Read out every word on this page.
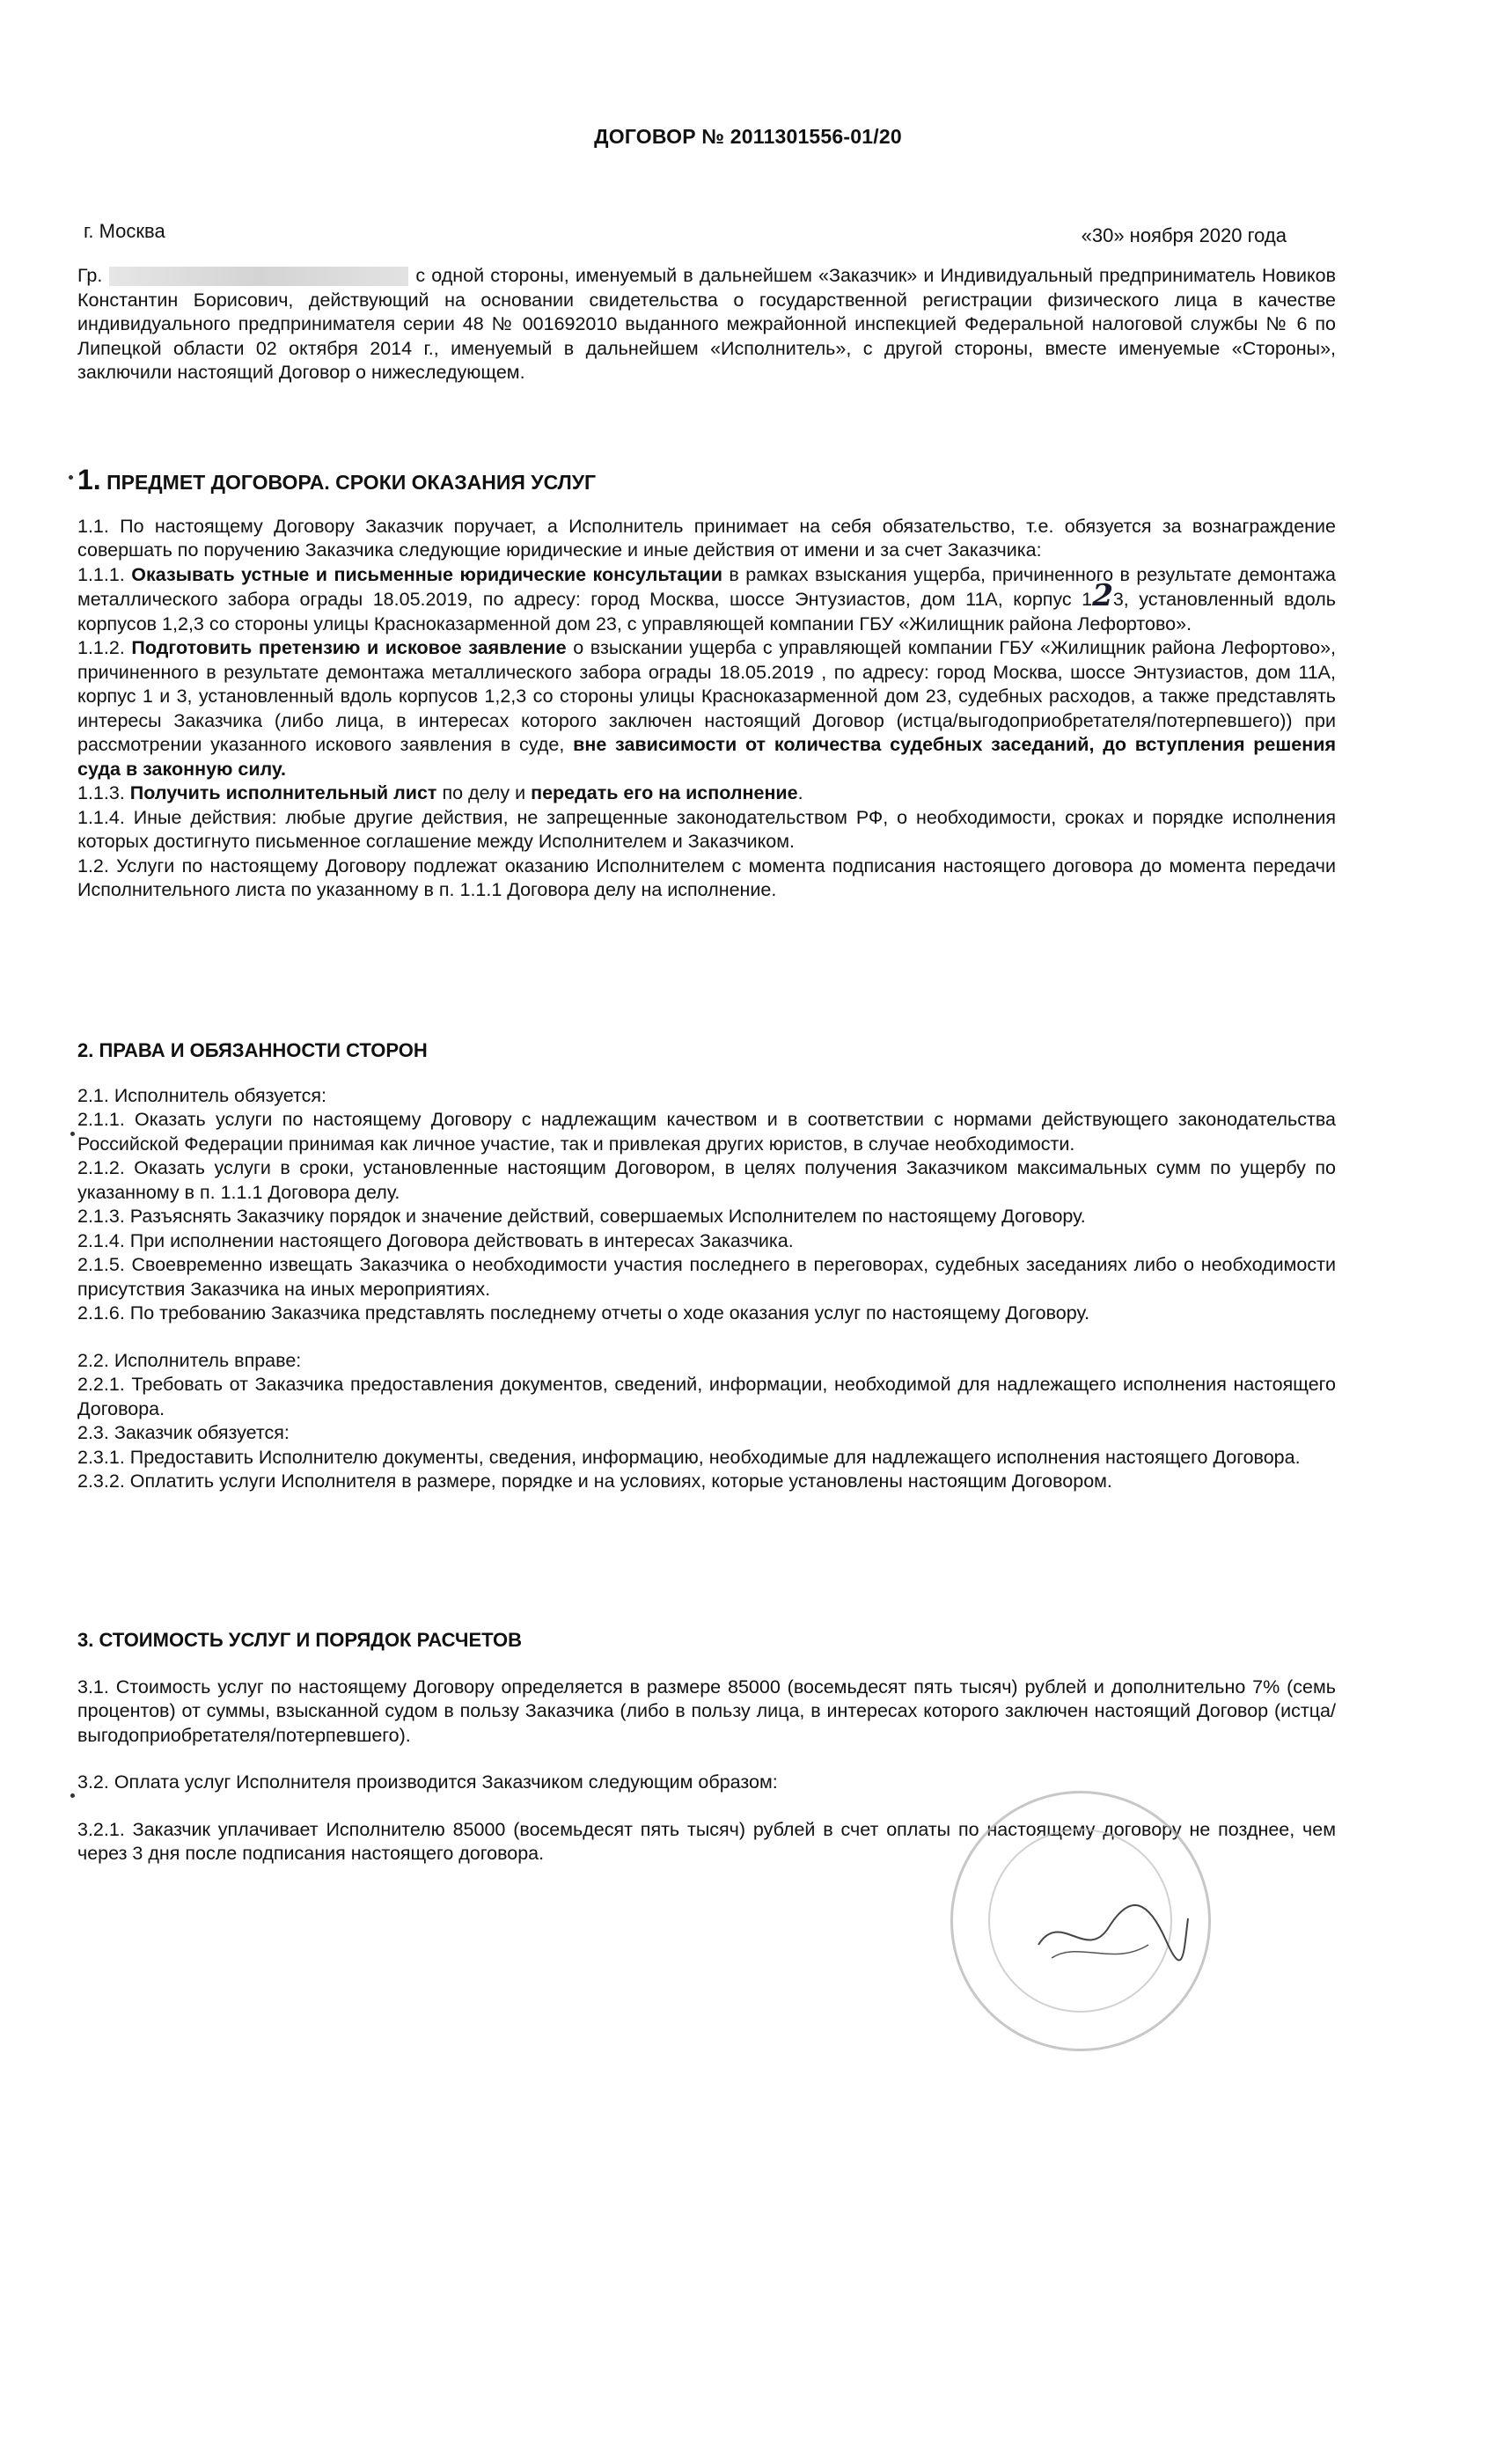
ДОГОВОР № 2011301556-01/20
г. Москва	«30» ноября 2020 года

Гр.	с одной стороны, именуемый в дальнейшем «Заказчик» и Индивидуальный предприниматель Новиков Константин Борисович, действующий на основании свидетельства о государственной регистрации физического лица в качестве индивидуального предпринимателя серии 48 № 001692010 выданного межрайонной инспекцией Федеральной налоговой службы № 6 по Липецкой области 02 октября 2014 г., именуемый в дальнейшем «Исполнитель», с другой стороны, вместе именуемые «Стороны», заключили настоящий Договор о нижеследующем.

1. ПРЕДМЕТ ДОГОВОРА. СРОКИ ОКАЗАНИЯ УСЛУГ

1.1. По настоящему Договору Заказчик поручает, а Исполнитель принимает на себя обязательство, т.е. обязуется за вознаграждение совершать по поручению Заказчика следующие юридические и иные действия от имени и за счет Заказчика:

1.1.1. Оказывать устные и письменные юридические консультации в рамках взыскания ущерба, причиненного в результате демонтажа металлического забора ограды 18.05.2019, по адресу: город Москва, шоссе Энтузиастов, дом 11А, корпус 123, установленный вдоль корпусов 1,2,3 со стороны улицы Красноказарменной дом 23, с управляющей компании ГБУ «Жилищник района Лефортово».

1.1.2. Подготовить претензию и исковое заявление о взыскании ущерба с управляющей компании ГБУ «Жилищник района Лефортово», причиненного в результате демонтажа металлического забора ограды 18.05.2019 , по адресу: город Москва, шоссе Энтузиастов, дом 11А, корпус 1 и 3, установленный вдоль корпусов 1,2,3 со стороны улицы Красноказарменной дом 23, судебных расходов, а также представлять интересы Заказчика (либо лица, в интересах которого заключен настоящий Договор (истца/выгодоприобретателя/потерпевшего)) при рассмотрении указанного искового заявления в суде, вне зависимости от количества судебных заседаний, до вступления решения суда в законную силу.

1.1.3. Получить исполнительный лист по делу и передать его на исполнение.

1.1.4. Иные действия: любые другие действия, не запрещенные законодательством РФ, о необходимости, сроках и порядке исполнения которых достигнуто письменное соглашение между Исполнителем и Заказчиком.

1.2. Услуги по настоящему Договору подлежат оказанию Исполнителем с момента подписания настоящего договора до момента передачи Исполнительного листа по указанному в п. 1.1.1 Договора делу на исполнение.

2. ПРАВА И ОБЯЗАННОСТИ СТОРОН

2.1. Исполнитель обязуется:

2.1.1. Оказать услуги по настоящему Договору с надлежащим качеством и в соответствии с нормами действующего законодательства Российской Федерации принимая как личное участие, так и привлекая других юристов, в случае необходимости.

2.1.2. Оказать услуги в сроки, установленные настоящим Договором, в целях получения Заказчиком максимальных сумм по ущербу по указанному в п. 1.1.1 Договора делу.

2.1.3. Разъяснять Заказчику порядок и значение действий, совершаемых Исполнителем по настоящему Договору.

2.1.4. При исполнении настоящего Договора действовать в интересах Заказчика.

2.1.5. Своевременно извещать Заказчика о необходимости участия последнего в переговорах, судебных заседаниях либо о необходимости присутствия Заказчика на иных мероприятиях.

2.1.6. По требованию Заказчика представлять последнему отчеты о ходе оказания услуг по настоящему Договору.

2.2. Исполнитель вправе:

2.2.1. Требовать от Заказчика предоставления документов, сведений, информации, необходимой для надлежащего исполнения настоящего Договора.

2.3. Заказчик обязуется:

2.3.1. Предоставить Исполнителю документы, сведения, информацию, необходимые для надлежащего исполнения настоящего Договора.

2.3.2. Оплатить услуги Исполнителя в размере, порядке и на условиях, которые установлены настоящим Договором.

3. СТОИМОСТЬ УСЛУГ И ПОРЯДОК РАСЧЕТОВ

3.1. Стоимость услуг по настоящему Договору определяется в размере 85000 (восемьдесят пять тысяч) рублей и дополнительно 7% (семь процентов) от суммы, взысканной судом в пользу Заказчика (либо в пользу лица, в интересах которого заключен настоящий Договор (истца/выгодоприобретателя/потерпевшего).

3.2. Оплата услуг Исполнителя производится Заказчиком следующим образом:

3.2.1. Заказчик уплачивает Исполнителю 85000 (восемьдесят пять тысяч) рублей в счет оплаты по настоящему договору не позднее, чем через 3 дня после подписания настоящего договора.
